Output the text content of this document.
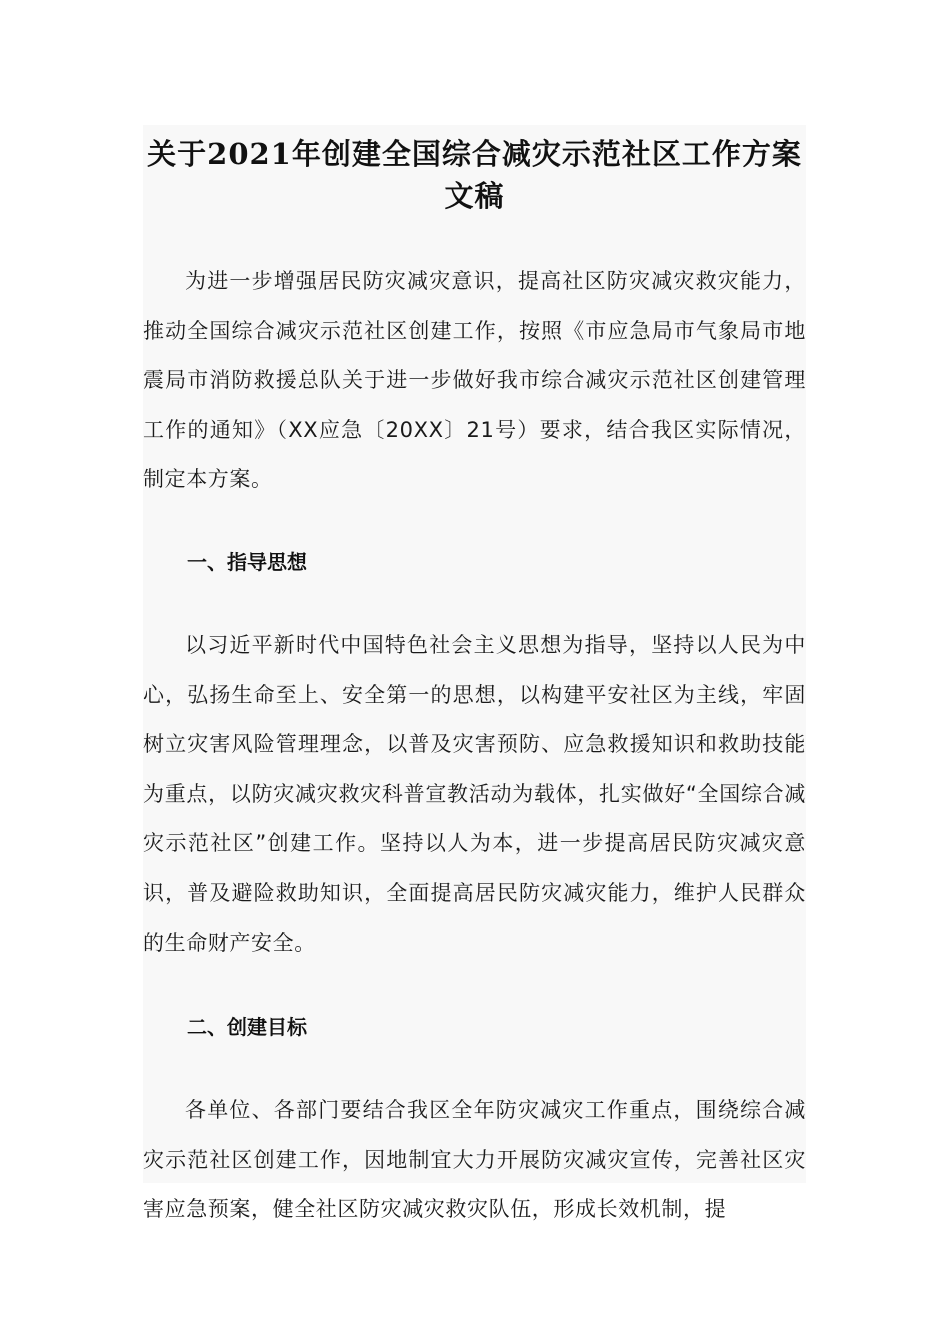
关于2021年创建全国综合减灾示范社区工作方案文稿

为进一步增强居民防灾减灾意识，提高社区防灾减灾救灾能力，推动全国综合减灾示范社区创建工作，按照《市应急局市气象局市地震局市消防救援总队关于进一步做好我市综合减灾示范社区创建管理工作的通知》（XX应急〔20XX〕21号）要求，结合我区实际情况，制定本方案。

一、指导思想

以习近平新时代中国特色社会主义思想为指导，坚持以人民为中心，弘扬生命至上、安全第一的思想，以构建平安社区为主线，牢固树立灾害风险管理理念，以普及灾害预防、应急救援知识和救助技能为重点，以防灾减灾救灾科普宣教活动为载体，扎实做好“全国综合减灾示范社区”创建工作。坚持以人为本，进一步提高居民防灾减灾意识，普及避险救助知识，全面提高居民防灾减灾能力，维护人民群众的生命财产安全。

二、创建目标

各单位、各部门要结合我区全年防灾减灾工作重点，围绕综合减灾示范社区创建工作，因地制宜大力开展防灾减灾宣传，完善社区灾害应急预案，健全社区防灾减灾救灾队伍，形成长效机制，提
